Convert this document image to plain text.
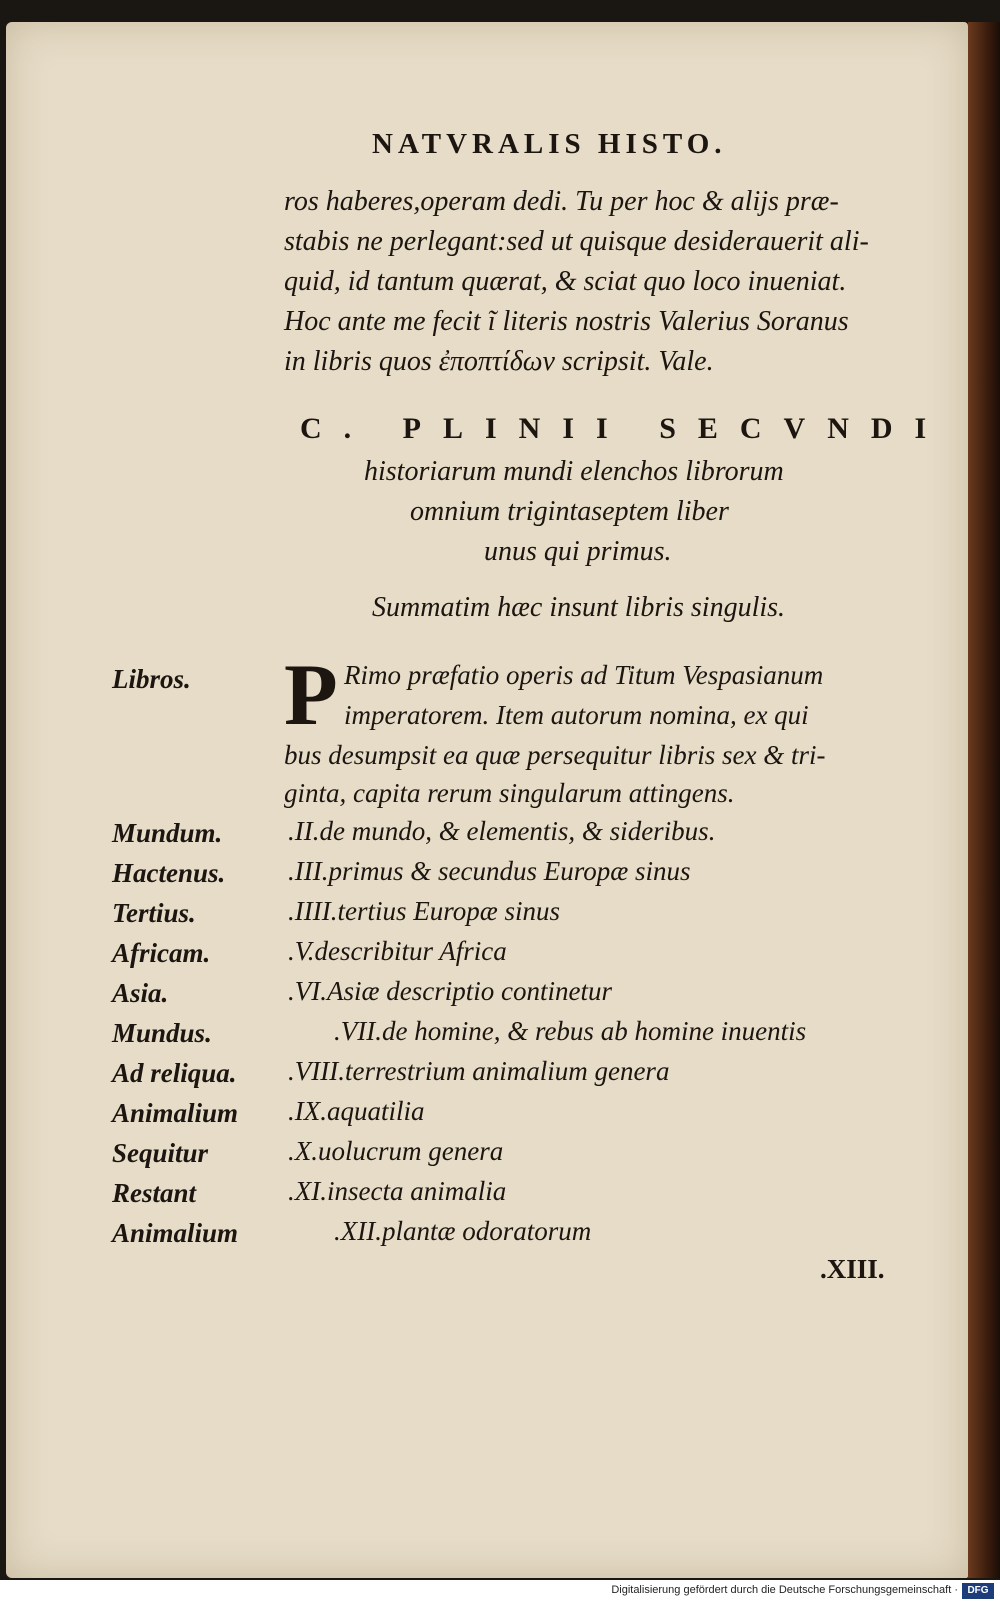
NATVRALIS HISTO.
ros haberes,operam dedi. Tu per hoc & alijs præ-
stabis ne perlegant:sed ut quisque desiderauerit ali-
quid, id tantum quærat, & sciat quo loco inueniat.
Hoc ante me fecit ĩ literis nostris Valerius Soranus
in libris quos ἐποπτίδων scripsit. Vale.
C. PLINII SECVNDI
historiarum mundi elenchos librorum
omnium trigintaseptem liber
unus qui primus.
Summatim hæc insunt libris singulis.
Libros. P Rimo præfatio operis ad Titum Vespasianum
imperatorem. Item autorum nomina, ex qui
bus desumpsit ea quæ persequitur libris sex & tri-
ginta, capita rerum singularum attingens.
Mundum. .II.de mundo, & elementis, & sideribus.
Hactenus. .III.primus & secundus Europæ sinus
Tertius.	.IIII.tertius Europæ sinus
Africam.	.V.describitur Africa
Asia.	.VI.Asiæ descriptio continetur
Mundus.	.VII.de homine, & rebus ab homine inuentis
Ad reliqua. .VIII.terrestrium animalium genera
Animalium .IX.aquatilia
Sequitur	.X.uolucrum genera
Restant	.XI.insecta animalia
Animalium	.XII.plantæ odoratorum
.XIII.
Digitalisierung gefördert durch die Deutsche Forschungsgemeinschaft · DFG
